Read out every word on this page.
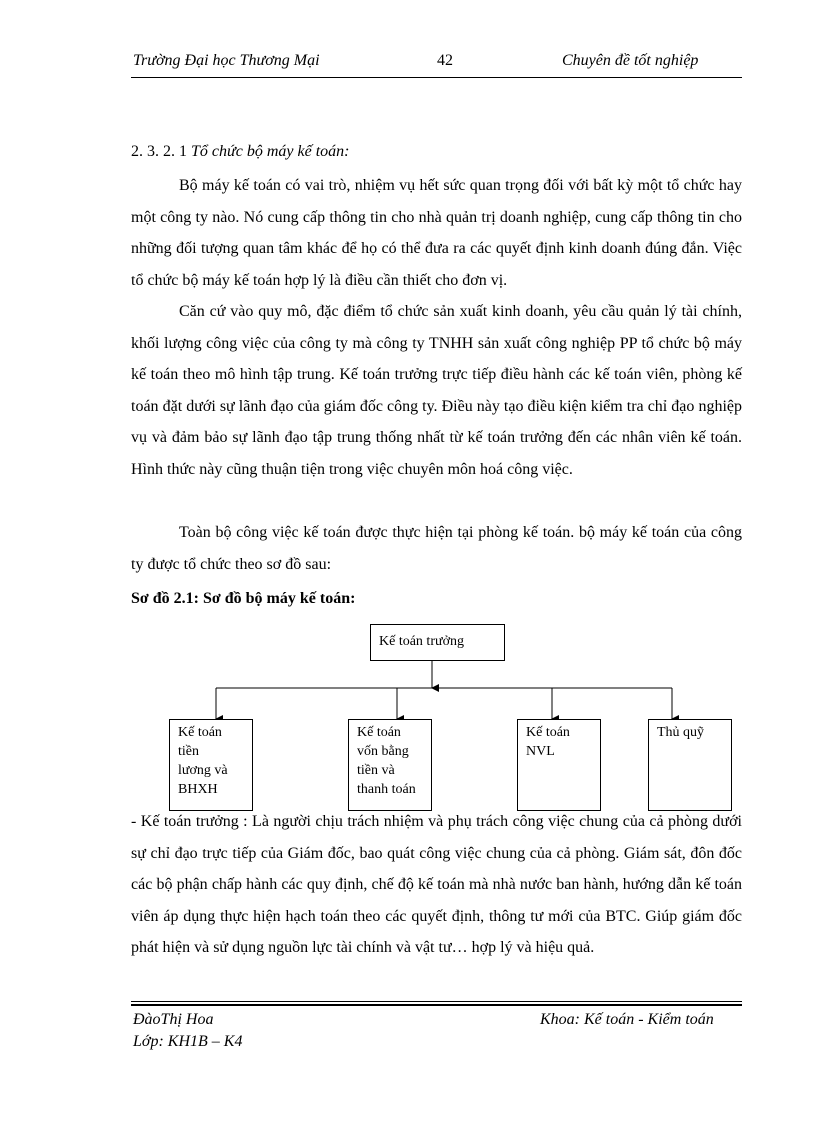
Trường Đại học Thương Mại	42	Chuyên đề tốt nghiệp

2. 3. 2. 1 Tổ chức bộ máy kế toán:

Bộ máy kế toán có vai trò, nhiệm vụ hết sức quan trọng đối với bất kỳ một tổ chức hay một công ty nào. Nó cung cấp thông tin cho nhà quản trị doanh nghiệp, cung cấp thông tin cho những đối tượng quan tâm khác để họ có thể đưa ra các quyết định kinh doanh đúng đắn. Việc tổ chức bộ máy kế toán hợp lý là điều cần thiết cho đơn vị.

Căn cứ vào quy mô, đặc điểm tổ chức sản xuất kinh doanh, yêu cầu quản lý tài chính, khối lượng công việc của công ty mà công ty TNHH sản xuất công nghiệp PP tổ chức bộ máy kế toán theo mô hình tập trung. Kế toán trưởng trực tiếp điều hành các kế toán viên, phòng kế toán đặt dưới sự lãnh đạo của giám đốc công ty. Điều này tạo điều kiện kiểm tra chỉ đạo nghiệp vụ và đảm bảo sự lãnh đạo tập trung thống nhất từ kế toán trưởng đến các nhân viên kế toán. Hình thức này cũng thuận tiện trong việc chuyên môn hoá công việc.

Toàn bộ công việc kế toán được thực hiện tại phòng kế toán. bộ máy kế toán của công ty được tổ chức theo sơ đồ sau:

Sơ đồ 2.1: Sơ đồ bộ máy kế toán:

Kế toán trưởng
Kế toán
tiền
lương và
BHXH
Kế toán
vốn bằng
tiền và
thanh toán
Kế toán
NVL
Thủ quỹ

- Kế toán trưởng : Là người chịu trách nhiệm và phụ trách công việc chung của cả phòng dưới sự chỉ đạo trực tiếp của Giám đốc, bao quát công việc chung của cả phòng. Giám sát, đôn đốc các bộ phận chấp hành các quy định, chế độ kế toán mà nhà nước ban hành, hướng dẫn kế toán viên áp dụng thực hiện hạch toán theo các quyết định, thông tư mới của BTC. Giúp giám đốc phát hiện và sử dụng nguồn lực tài chính và vật tư… hợp lý và hiệu quả.

ĐàoThị Hoa
Lớp: KH1B – K4
Khoa: Kế toán - Kiểm toán
